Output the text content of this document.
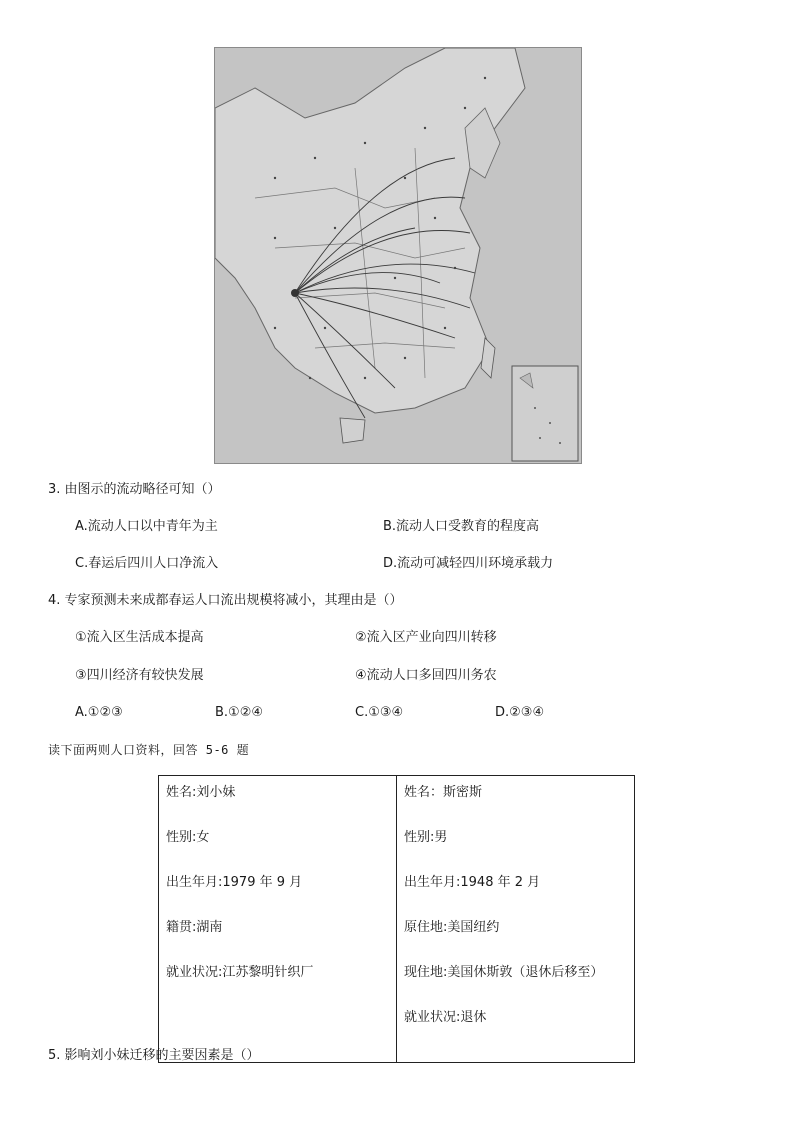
3. 由图示的流动略径可知（）
A.流动人口以中青年为主	B.流动人口受教育的程度高
C.春运后四川人口净流入	D.流动可减轻四川环境承载力
4. 专家预测未来成都春运人口流出规模将减小，其理由是（）
①流入区生活成本提高	②流入区产业向四川转移
③四川经济有较快发展	④流动人口多回四川务农
A.①②③	B.①②④	C.①③④	D.②③④
读下面两则人口资料，回答 5-6 题
姓名:刘小妹
性别:女
出生年月:1979 年 9 月
籍贯:湖南
就业状况:江苏黎明针织厂

姓名：斯密斯
性别:男
出生年月:1948 年 2 月
原住地:美国纽约
现住地:美国休斯敦（退休后移至）
就业状况:退休
5. 影响刘小妹迁移的主要因素是（）
